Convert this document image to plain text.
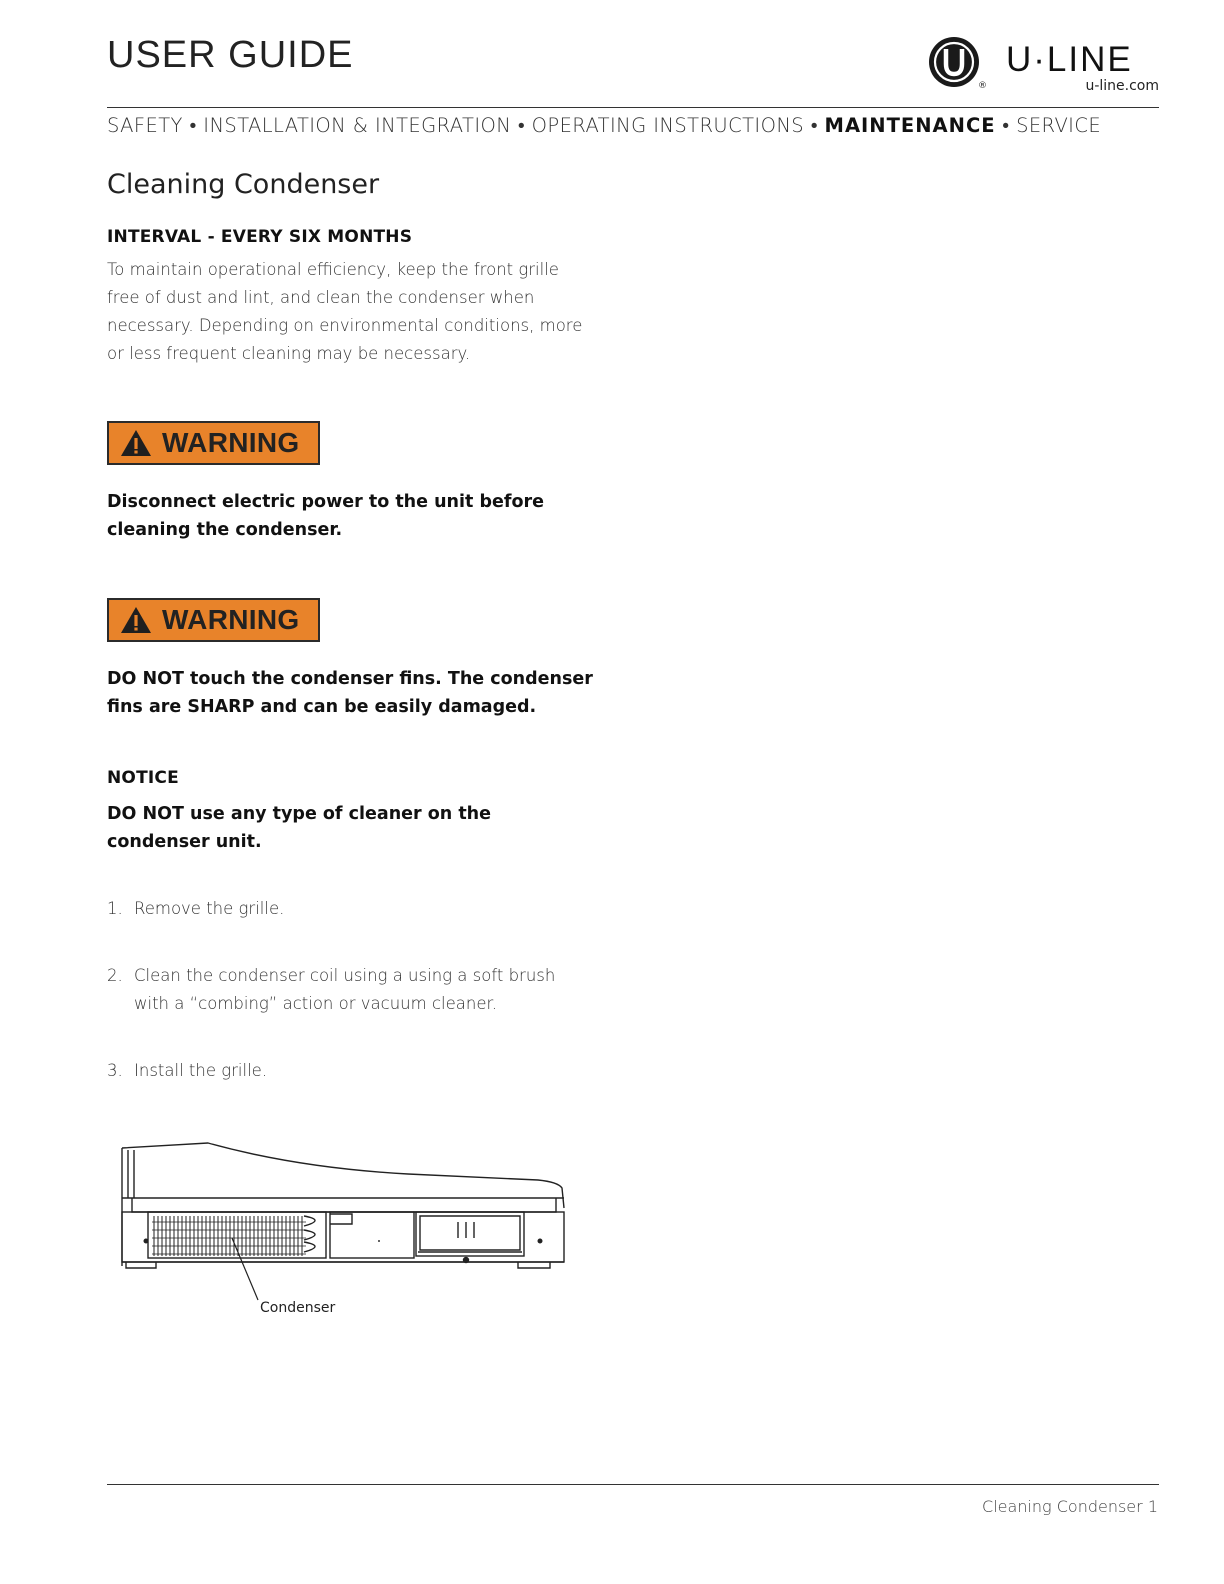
USER GUIDE
®
U·LINE
u-line.com
SAFETY • INSTALLATION & INTEGRATION • OPERATING INSTRUCTIONS • MAINTENANCE • SERVICE
Cleaning Condenser
INTERVAL - EVERY SIX MONTHS
To maintain operational efficiency, keep the front grille
free of dust and lint, and clean the condenser when
necessary. Depending on environmental conditions, more
or less frequent cleaning may be necessary.
WARNING
Disconnect electric power to the unit before
cleaning the condenser.
WARNING
DO NOT touch the condenser fins. The condenser
fins are SHARP and can be easily damaged.
NOTICE
DO NOT use any type of cleaner on the
condenser unit.
1. Remove the grille.
2. Clean the condenser coil using a using a soft brush
with a “combing” action or vacuum cleaner.
3. Install the grille.
Condenser
Cleaning Condenser 1
